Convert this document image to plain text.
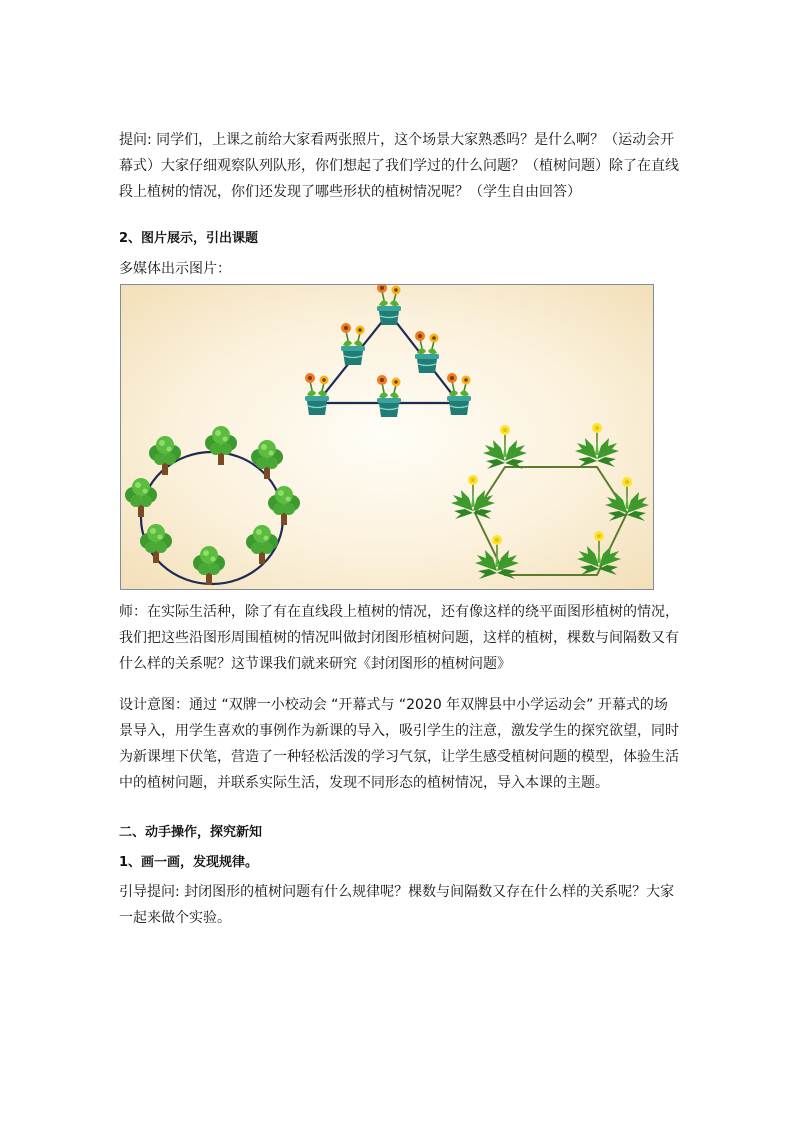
提问: 同学们，上课之前给大家看两张照片，这个场景大家熟悉吗？是什么啊？（运动会开
幕式）大家仔细观察队列队形，你们想起了我们学过的什么问题？（植树问题）除了在直线
段上植树的情况，你们还发现了哪些形状的植树情况呢？（学生自由回答）
2、图片展示，引出课题
多媒体出示图片：
师：在实际生活种，除了有在直线段上植树的情况，还有像这样的绕平面图形植树的情况，
我们把这些沿图形周围植树的情况叫做封闭图形植树问题，这样的植树，棵数与间隔数又有
什么样的关系呢？这节课我们就来研究《封闭图形的植树问题》
设计意图：通过 “双牌一小校动会 “开幕式与 “2020 年双牌县中小学运动会” 开幕式的场
景导入，用学生喜欢的事例作为新课的导入，吸引学生的注意，激发学生的探究欲望，同时
为新课埋下伏笔，营造了一种轻松活泼的学习气氛，让学生感受植树问题的模型，体验生活
中的植树问题，并联系实际生活，发现不同形态的植树情况，导入本课的主题。
二、动手操作，探究新知
1、画一画，发现规律。
引导提问: 封闭图形的植树问题有什么规律呢？棵数与间隔数又存在什么样的关系呢？大家
一起来做个实验。
